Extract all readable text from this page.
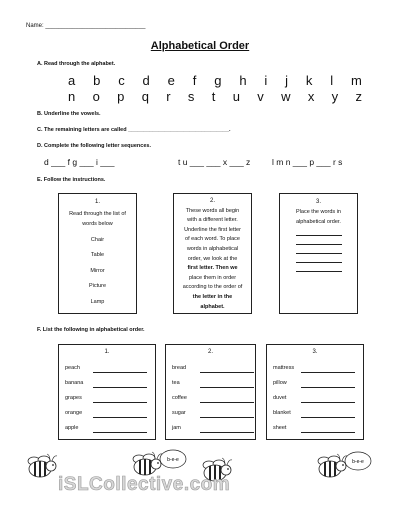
Name: ______________________________
Alphabetical Order
A. Read through the alphabet.
a b c d e f g h i j k l m
n o p q r s t u v w x y z
B. Underline the vowels.
C. The remaining letters are called _________________________________.
D. Complete the following letter sequences.
d ___ f g ___ i ___	t u ___ ___ x ___ z	l m n ___ p ___ r s
E. Follow the instructions.
1.
Read through the list of words below
Chair
Table
Mirror
Picture
Lamp
2.
These words all begin
with a different letter.
Underline the first letter
of each word. To place
words in alphabetical
order, we look at the
first letter. Then we
place them in order
according to the order of
the letter in the
alphabet.
3.
Place the words in
alphabetical order.
F. List the following in alphabetical order.
1.
peach
banana
grapes
orange
apple
2.
bread
tea
coffee
sugar
jam
3.
mattress
pillow
duvet
blanket
sheet
b-e-e	b-e-e
iSLCollective.com
